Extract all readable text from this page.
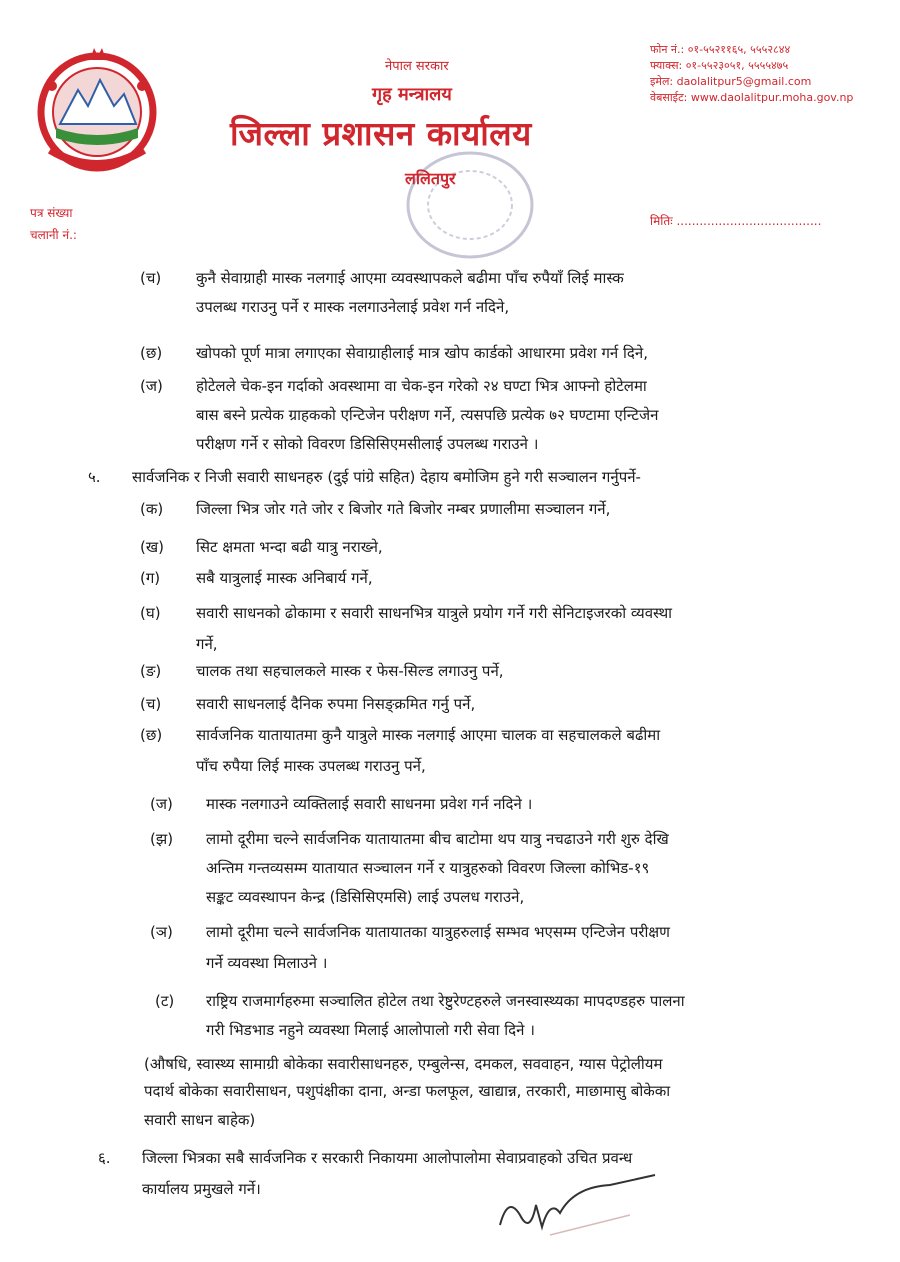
नेपाल सरकार
गृह मन्त्रालय
जिल्ला प्रशासन कार्यालय
ललितपुर
फोन नं.: ०१-५५२११६५, ५५५२८४४
फ्याक्स: ०१-५५२३०५१, ५५५५४७५
इमेल: daolalitpur5@gmail.com
वेबसाईट: www.daolalitpur.moha.gov.np
पत्र संख्या
चलानी नं.:
मितिः ......................................
(च) कुनै सेवाग्राही मास्क नलगाई आएमा व्यवस्थापकले बढीमा पाँच रुपैयाँ लिई मास्क
उपलब्ध गराउनु पर्ने र मास्क नलगाउनेलाई प्रवेश गर्न नदिने,
(छ) खोपको पूर्ण मात्रा लगाएका सेवाग्राहीलाई मात्र खोप कार्डको आधारमा प्रवेश गर्न दिने,
(ज) होटेलले चेक-इन गर्दाको अवस्थामा वा चेक-इन गरेको २४ घण्टा भित्र आफ्नो होटेलमा
बास बस्ने प्रत्येक ग्राहकको एन्टिजेन परीक्षण गर्ने, त्यसपछि प्रत्येक ७२ घण्टामा एन्टिजेन
परीक्षण गर्ने र सोको विवरण डिसिसिएमसीलाई उपलब्ध गराउने ।
५. सार्वजनिक र निजी सवारी साधनहरु (दुई पांग्रे सहित) देहाय बमोजिम हुने गरी सञ्चालन गर्नुपर्ने-
(क) जिल्ला भित्र जोर गते जोर र बिजोर गते बिजोर नम्बर प्रणालीमा सञ्चालन गर्ने,
(ख) सिट क्षमता भन्दा बढी यात्रु नराख्ने,
(ग) सबै यात्रुलाई मास्क अनिबार्य गर्ने,
(घ) सवारी साधनको ढोकामा र सवारी साधनभित्र यात्रुले प्रयोग गर्ने गरी सेनिटाइजरको व्यवस्था
गर्ने,
(ङ) चालक तथा सहचालकले मास्क र फेस-सिल्ड लगाउनु पर्ने,
(च) सवारी साधनलाई दैनिक रुपमा निसङ्क्रमित गर्नु पर्ने,
(छ) सार्वजनिक यातायातमा कुनै यात्रुले मास्क नलगाई आएमा चालक वा सहचालकले बढीमा
पाँच रुपैया लिई मास्क उपलब्ध गराउनु पर्ने,
(ज) मास्क नलगाउने व्यक्तिलाई सवारी साधनमा प्रवेश गर्न नदिने ।
(झ) लामो दूरीमा चल्ने सार्वजनिक यातायातमा बीच बाटोमा थप यात्रु नचढाउने गरी शुरु देखि
अन्तिम गन्तव्यसम्म यातायात सञ्चालन गर्ने र यात्रुहरुको विवरण जिल्ला कोभिड-१९
सङ्कट व्यवस्थापन केन्द्र (डिसिसिएमसि) लाई उपलध गराउने,
(ञ) लामो दूरीमा चल्ने सार्वजनिक यातायातका यात्रुहरुलाई सम्भव भएसम्म एन्टिजेन परीक्षण
गर्ने व्यवस्था मिलाउने ।
(ट) राष्ट्रिय राजमार्गहरुमा सञ्चालित होटेल तथा रेष्टुरेण्टहरुले जनस्वास्थ्यका मापदण्डहरु पालना
गरी भिडभाड नहुने व्यवस्था मिलाई आलोपालो गरी सेवा दिने ।
(औषधि, स्वास्थ्य सामाग्री बोकेका सवारीसाधनहरु, एम्बुलेन्स, दमकल, सववाहन, ग्यास पेट्रोलीयम
पदार्थ बोकेका सवारीसाधन, पशुपंक्षीका दाना, अन्डा फलफूल, खाद्यान्न, तरकारी, माछामासु बोकेका
सवारी साधन बाहेक)
६. जिल्ला भित्रका सबै सार्वजनिक र सरकारी निकायमा आलोपालोमा सेवाप्रवाहको उचित प्रवन्ध
कार्यालय प्रमुखले गर्ने।
